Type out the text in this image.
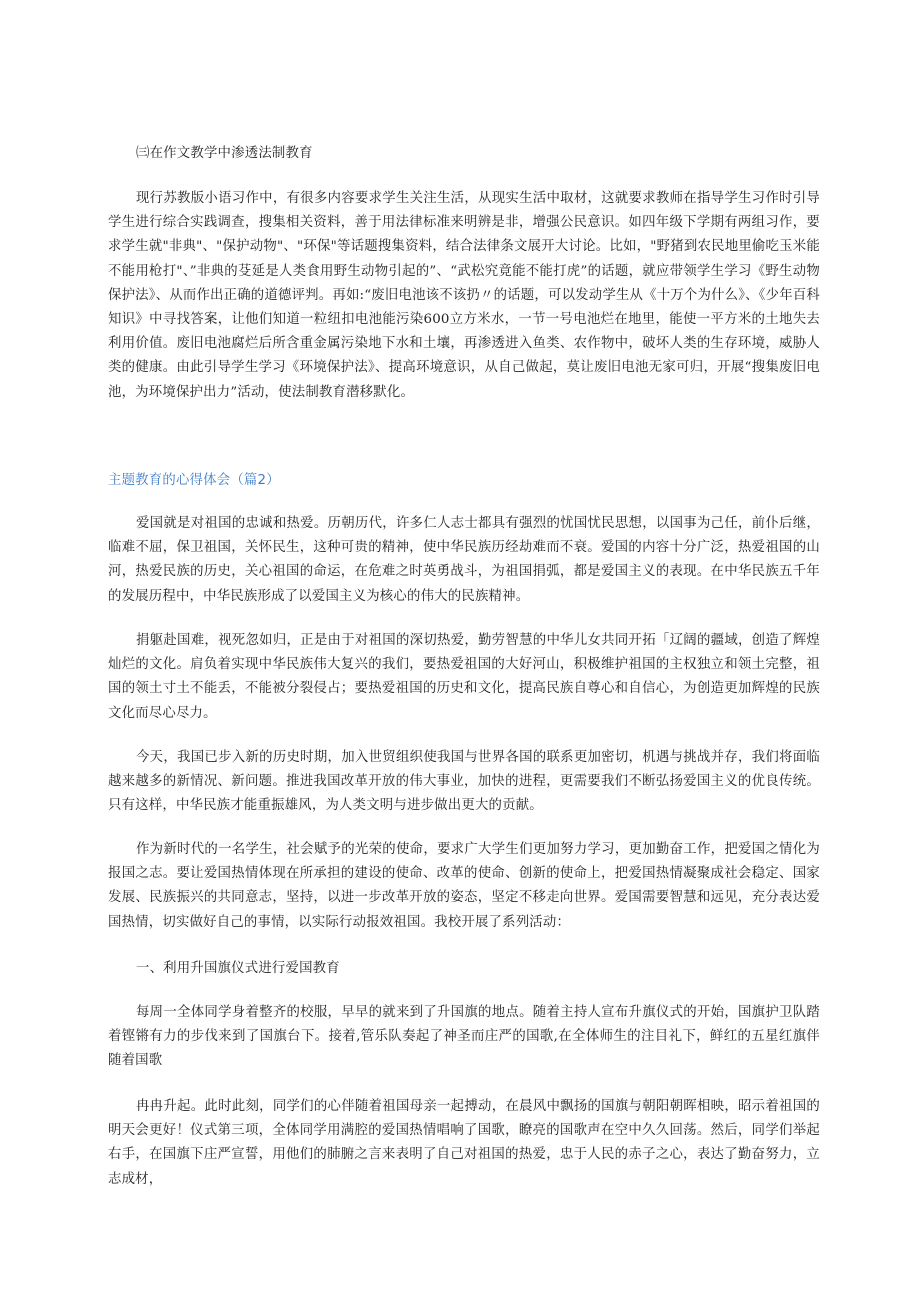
㈢在作文教学中渗透法制教育

现行苏教版小语习作中，有很多内容要求学生关注生活，从现实生活中取材，这就要求教师在指导学生习作时引导学生进行综合实践调查，搜集相关资料，善于用法律标准来明辨是非，增强公民意识。如四年级下学期有两组习作，要求学生就"非典"、"保护动物"、"环保"等话题搜集资料，结合法律条文展开大讨论。比如，"野猪到农民地里偷吃玉米能不能用枪打"、”非典的芟延是人类食用野生动物引起的”、“武松究竟能不能打虎”的话题，就应带领学生学习《野生动物保护法》、从而作出正确的道德评判。再如:“废旧电池该不该扔〃的话题，可以发动学生从《十万个为什么》、《少年百科知识》中寻找答案，让他们知道一粒纽扣电池能污染600立方米水，一节一号电池烂在地里，能使一平方米的土地失去利用价值。废旧电池腐烂后所含重金属污染地下水和土壤，再渗透进入鱼类、农作物中，破坏人类的生存环境，威胁人类的健康。由此引导学生学习《环境保护法》、提高环境意识，从自己做起，莫让废旧电池无家可归，开展“搜集废旧电池，为环境保护出力”活动，使法制教育潜移默化。

主题教育的心得体会（篇2）

爱国就是对祖国的忠诚和热爱。历朝历代，许多仁人志士都具有强烈的忧国忧民思想，以国事为己任，前仆后继，临难不屈，保卫祖国，关怀民生，这种可贵的精神，使中华民族历经劫难而不衰。爱国的内容十分广泛，热爱祖国的山河，热爱民族的历史，关心祖国的命运，在危难之时英勇战斗，为祖国捐弧，都是爱国主义的表现。在中华民族五千年的发展历程中，中华民族形成了以爱国主义为核心的伟大的民族精神。

捐躯赴国难，视死忽如归，正是由于对祖国的深切热爱，勤劳智慧的中华儿女共同开拓「辽阔的疆域，创造了辉煌灿烂的文化。肩负着实现中华民族伟大复兴的我们，要热爱祖国的大好河山，积极维护祖国的主权独立和领土完整，祖国的领土寸土不能丢，不能被分裂侵占；要热爱祖国的历史和文化，提高民族自尊心和自信心，为创造更加辉煌的民族文化而尽心尽力。

今天，我国已步入新的历史时期，加入世贸组织使我国与世界各国的联系更加密切，机遇与挑战并存，我们将面临越来越多的新情况、新问题。推进我国改革开放的伟大事业，加快的进程，更需要我们不断弘扬爱国主义的优良传统。只有这样，中华民族才能重振雄风，为人类文明与进步做出更大的贡献。

作为新时代的一名学生，社会赋予的光荣的使命，要求广大学生们更加努力学习，更加勤奋工作，把爱国之情化为报国之志。要让爱国热情体现在所承担的建设的使命、改革的使命、创新的使命上，把爱国热情凝聚成社会稳定、国家发展、民族振兴的共同意志，坚持，以进一步改革开放的姿态，坚定不移走向世界。爱国需要智慧和远见，充分表达爱国热情，切实做好自己的事情，以实际行动报效祖国。我校开展了系列活动：

一、利用升国旗仪式进行爱国教育

每周一全体同学身着整齐的校服，早早的就来到了升国旗的地点。随着主持人宣布升旗仪式的开始，国旗护卫队踏着铿锵有力的步伐来到了国旗台下。接着,管乐队奏起了神圣而庄严的国歌,在全体师生的注目礼下，鲜红的五星红旗伴随着国歌

冉冉升起。此时此刻，同学们的心伴随着祖国母亲一起搏动，在晨风中飘扬的国旗与朝阳朝晖相映，昭示着祖国的明天会更好！仪式第三项，全体同学用满腔的爱国热情唱响了国歌，瞭亮的国歌声在空中久久回荡。然后，同学们举起右手，在国旗下庄严宣誓，用他们的肺腑之言来表明了自己对祖国的热爱，忠于人民的赤子之心，表达了勤奋努力，立志成材，
